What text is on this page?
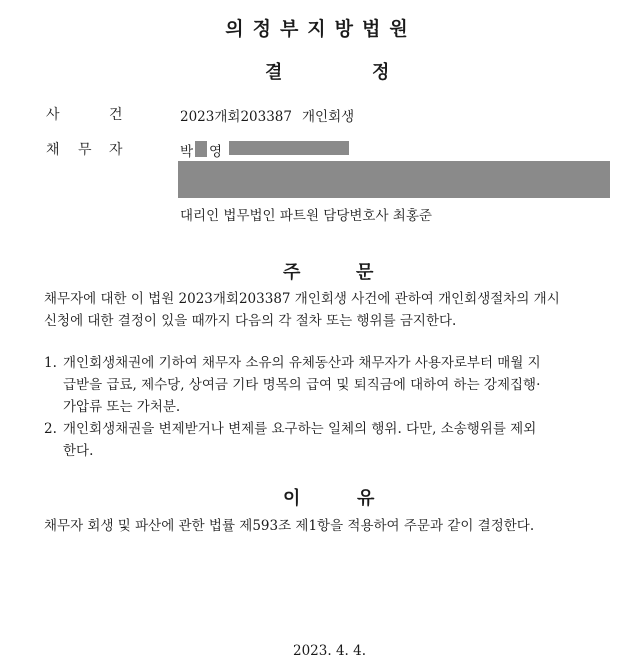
의정부지방법원
결	정
사	건	2023개회203387 개인회생
채 무 자	박 영
대리인 법무법인 파트원 담당변호사 최홍준
주	문
채무자에 대한 이 법원 2023개회203387 개인회생 사건에 관하여 개인회생절차의 개시
신청에 대한 결정이 있을 때까지 다음의 각 절차 또는 행위를 금지한다.
1. 개인회생채권에 기하여 채무자 소유의 유체동산과 채무자가 사용자로부터 매월 지
급받을 급료, 제수당, 상여금 기타 명목의 급여 및 퇴직금에 대하여 하는 강제집행·
가압류 또는 가처분.
2. 개인회생채권을 변제받거나 변제를 요구하는 일체의 행위. 다만, 소송행위를 제외
한다.
이	유
채무자 회생 및 파산에 관한 법률 제593조 제1항을 적용하여 주문과 같이 결정한다.
2023. 4. 4.
